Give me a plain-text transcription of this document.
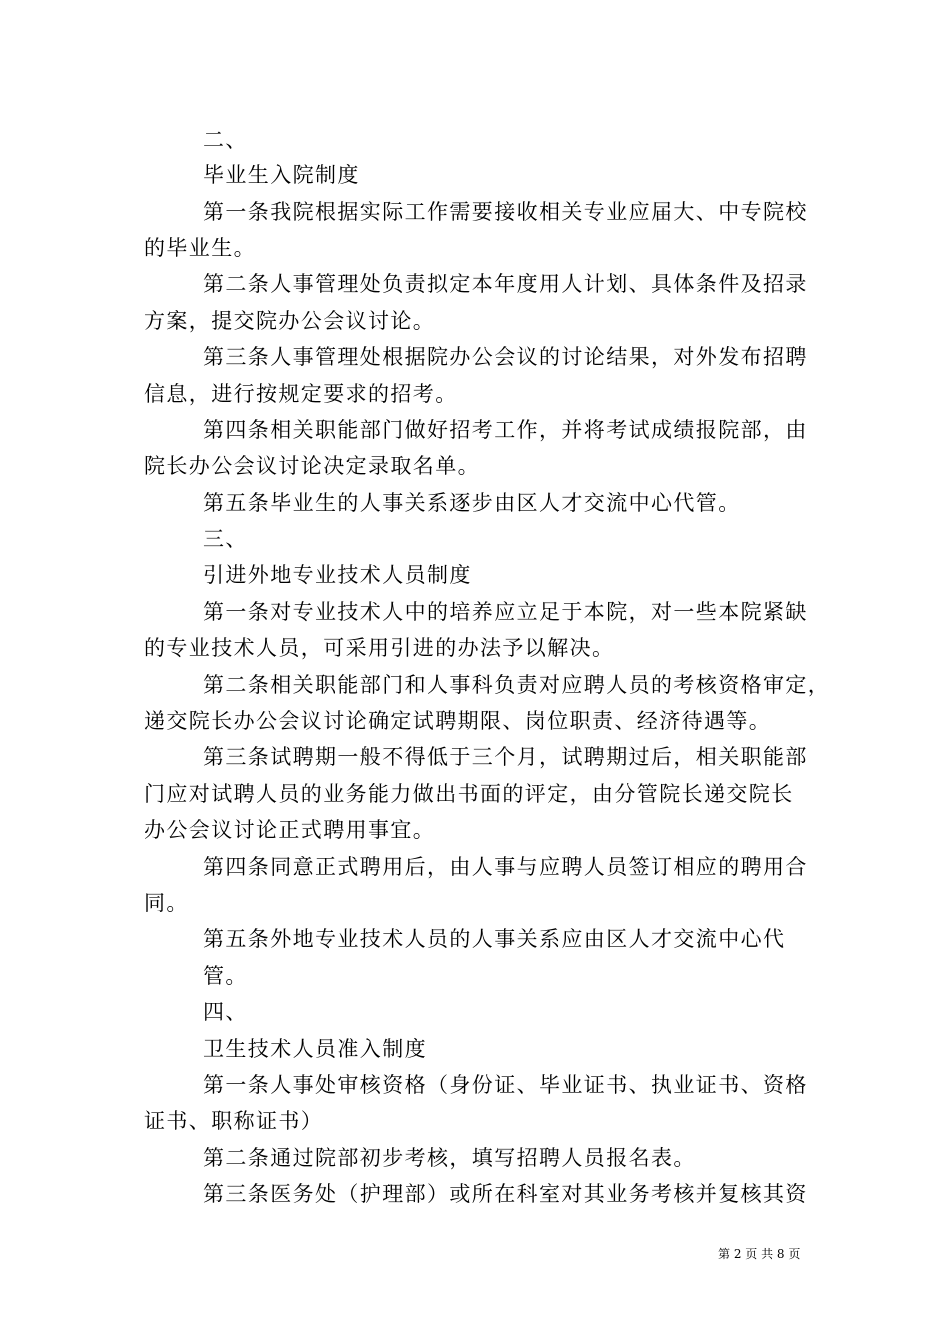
二、
毕业生入院制度
第一条我院根据实际工作需要接收相关专业应届大、中专院校
的毕业生。
第二条人事管理处负责拟定本年度用人计划、具体条件及招录
方案，提交院办公会议讨论。
第三条人事管理处根据院办公会议的讨论结果，对外发布招聘
信息，进行按规定要求的招考。
第四条相关职能部门做好招考工作，并将考试成绩报院部，由
院长办公会议讨论决定录取名单。
第五条毕业生的人事关系逐步由区人才交流中心代管。
三、
引进外地专业技术人员制度
第一条对专业技术人中的培养应立足于本院，对一些本院紧缺
的专业技术人员，可采用引进的办法予以解决。
第二条相关职能部门和人事科负责对应聘人员的考核资格审定，
递交院长办公会议讨论确定试聘期限、岗位职责、经济待遇等。
第三条试聘期一般不得低于三个月，试聘期过后，相关职能部
门应对试聘人员的业务能力做出书面的评定，由分管院长递交院长
办公会议讨论正式聘用事宜。
第四条同意正式聘用后，由人事与应聘人员签订相应的聘用合
同。
第五条外地专业技术人员的人事关系应由区人才交流中心代
管。
四、
卫生技术人员准入制度
第一条人事处审核资格（身份证、毕业证书、执业证书、资格
证书、职称证书）
第二条通过院部初步考核，填写招聘人员报名表。
第三条医务处（护理部）或所在科室对其业务考核并复核其资
第 2 页 共 8 页
